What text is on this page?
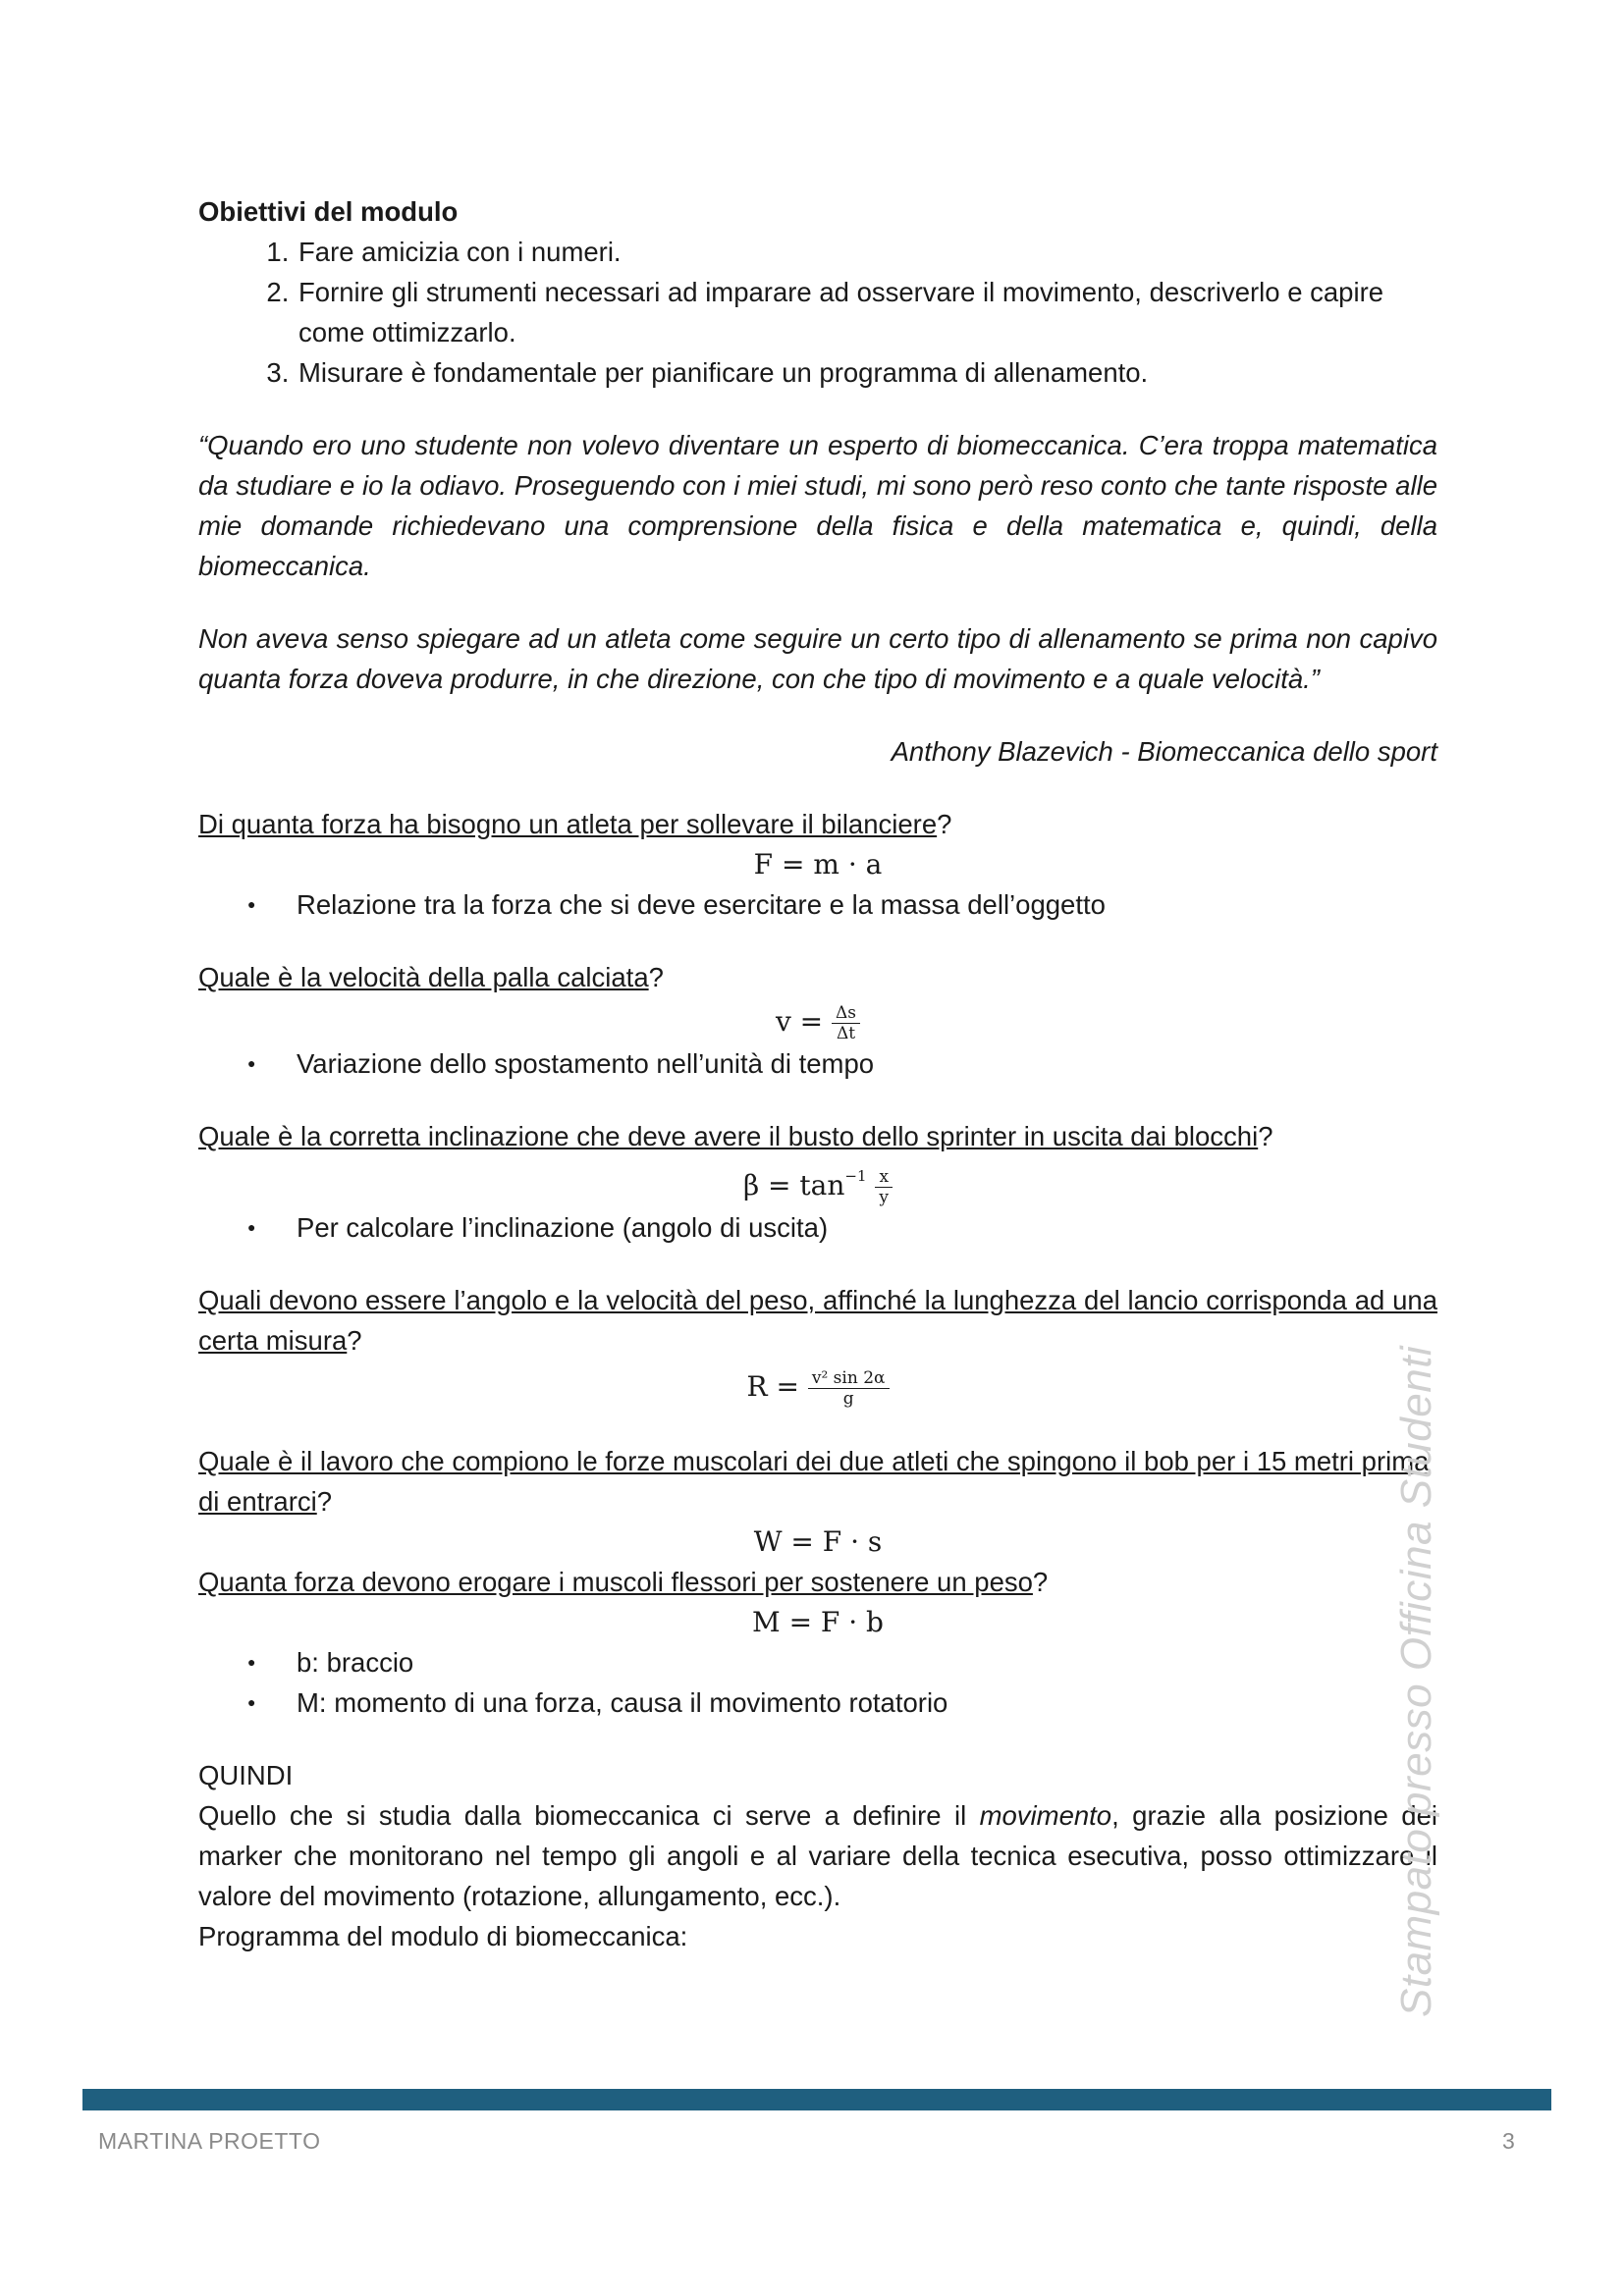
Obiettivi del modulo
1. Fare amicizia con i numeri.
2. Fornire gli strumenti necessari ad imparare ad osservare il movimento, descriverlo e capire come ottimizzarlo.
3. Misurare è fondamentale per pianificare un programma di allenamento.
“Quando ero uno studente non volevo diventare un esperto di biomeccanica. C’era troppa matematica da studiare e io la odiavo. Proseguendo con i miei studi, mi sono però reso conto che tante risposte alle mie domande richiedevano una comprensione della fisica e della matematica e, quindi, della biomeccanica.
Non aveva senso spiegare ad un atleta come seguire un certo tipo di allenamento se prima non capivo quanta forza doveva produrre, in che direzione, con che tipo di movimento e a quale velocità.”
Anthony Blazevich - Biomeccanica dello sport
Di quanta forza ha bisogno un atleta per sollevare il bilanciere?
F = m · a
● Relazione tra la forza che si deve esercitare e la massa dell’oggetto
Quale è la velocità della palla calciata?
$v = \frac{\Delta s}{\Delta t}$
● Variazione dello spostamento nell’unità di tempo
Quale è la corretta inclinazione che deve avere il busto dello sprinter in uscita dai blocchi?
$\beta = \tan^{-1} \frac{x}{y}$
● Per calcolare l’inclinazione (angolo di uscita)
Quali devono essere l’angolo e la velocità del peso, affinché la lunghezza del lancio corrisponda ad una certa misura?
$R = \frac{\text{v² sin 2α}}{g}$
Quale è il lavoro che compiono le forze muscolari dei due atleti che spingono il bob per i 15 metri prima di entrarci?
W = F · s
Quanta forza devono erogare i muscoli flessori per sostenere un peso?
M = F · b
● b: braccio
● M: momento di una forza, causa il movimento rotatorio
QUINDI
Quello che si studia dalla biomeccanica ci serve a definire il movimento, grazie alla posizione dei marker che monitorano nel tempo gli angoli e al variare della tecnica esecutiva, posso ottimizzare il valore del movimento (rotazione, allungamento, ecc.).
Programma del modulo di biomeccanica:	Stampato presso Officina Studenti
MARTINA PROETTO	3
